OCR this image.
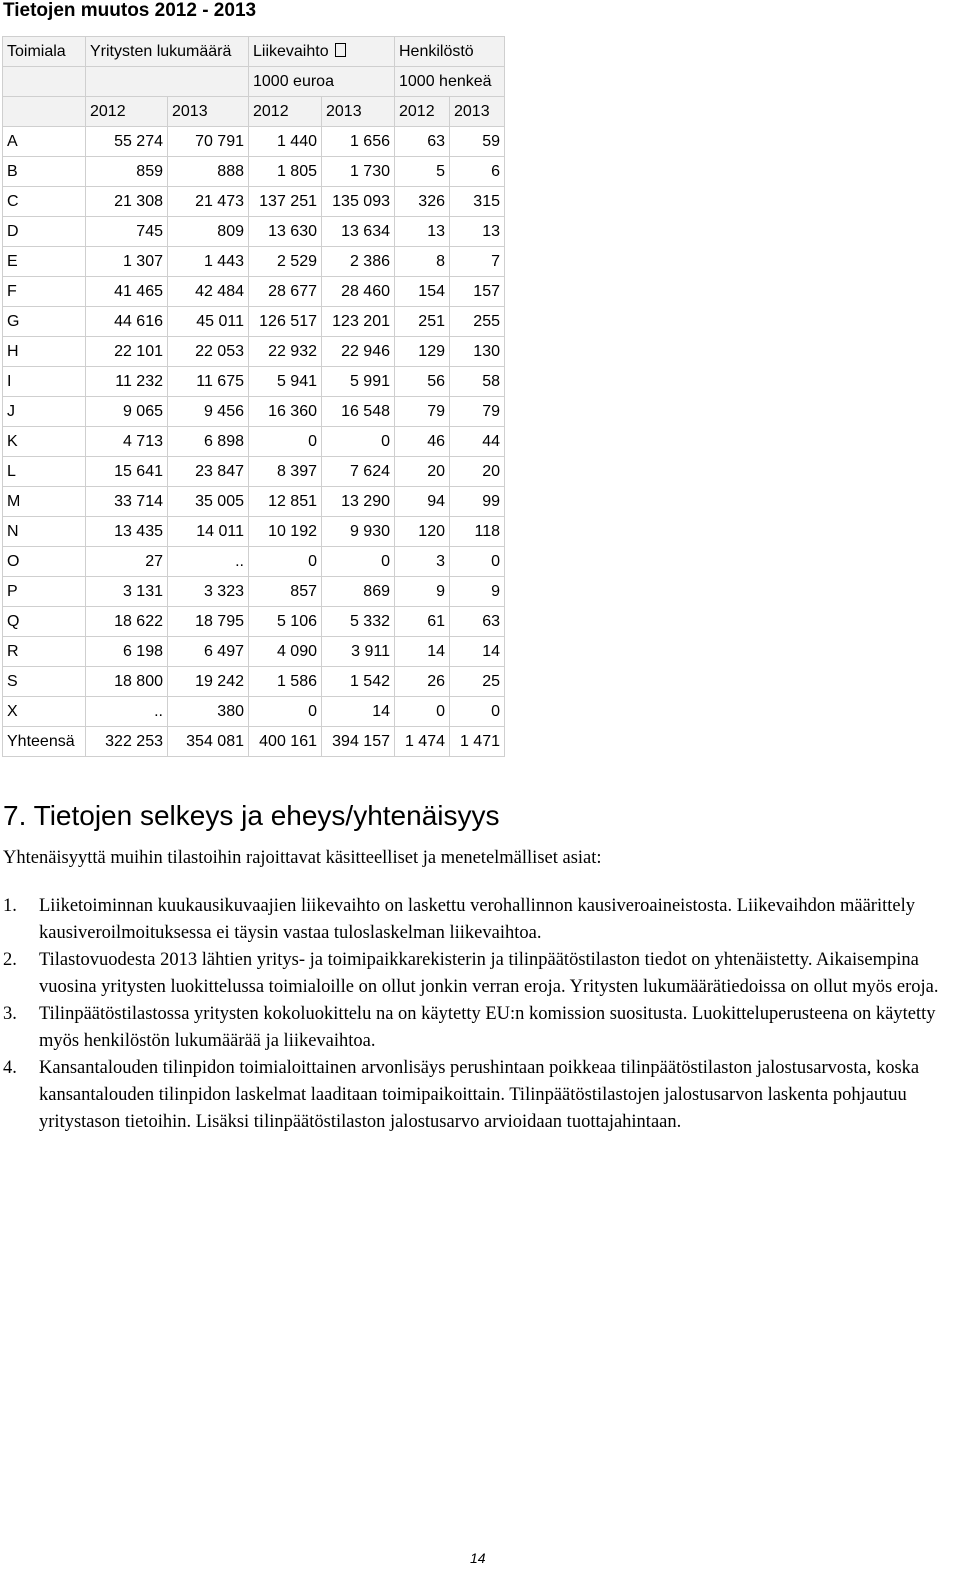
Tietojen muutos 2012 - 2013
Toimiala	Yritysten lukumäärä		Liikevaihto		Henkilöstö	
			1000 euroa		1000 henkeä	
	2012	2013	2012	2013	2012	2013
A	55 274	70 791	1 440	1 656	63	59
B	859	888	1 805	1 730	5	6
C	21 308	21 473	137 251	135 093	326	315
D	745	809	13 630	13 634	13	13
E	1 307	1 443	2 529	2 386	8	7
F	41 465	42 484	28 677	28 460	154	157
G	44 616	45 011	126 517	123 201	251	255
H	22 101	22 053	22 932	22 946	129	130
I	11 232	11 675	5 941	5 991	56	58
J	9 065	9 456	16 360	16 548	79	79
K	4 713	6 898	0	0	46	44
L	15 641	23 847	8 397	7 624	20	20
M	33 714	35 005	12 851	13 290	94	99
N	13 435	14 011	10 192	9 930	120	118
O	27	..	0	0	3	0
P	3 131	3 323	857	869	9	9
Q	18 622	18 795	5 106	5 332	61	63
R	6 198	6 497	4 090	3 911	14	14
S	18 800	19 242	1 586	1 542	26	25
X	..	380	0	14	0	0
Yhteensä	322 253	354 081	400 161	394 157	1 474	1 471
7. Tietojen selkeys ja eheys/yhtenäisyys
Yhtenäisyyttä muihin tilastoihin rajoittavat käsitteelliset ja menetelmälliset asiat:
1. Liiketoiminnan kuukausikuvaajien liikevaihto on laskettu verohallinnon kausiveroaineistosta. Liikevaihdon määrittely kausiveroilmoituksessa ei täysin vastaa tuloslaskelman liikevaihtoa.
2. Tilastovuodesta 2013 lähtien yritys- ja toimipaikkarekisterin ja tilinpäätöstilaston tiedot on yhtenäistetty. Aikaisempina vuosina yritysten luokittelussa toimialoille on ollut jonkin verran eroja. Yritysten lukumäärätiedoissa on ollut myös eroja.
3. Tilinpäätöstilastossa yritysten kokoluokittelu na on käytetty EU:n komission suositusta. Luokitteluperusteena on käytetty myös henkilöstön lukumäärää ja liikevaihtoa.
4. Kansantalouden tilinpidon toimialoittainen arvonlisäys perushintaan poikkeaa tilinpäätöstilaston jalostusarvosta, koska kansantalouden tilinpidon laskelmat laaditaan toimipaikoittain. Tilinpäätöstilastojen jalostusarvon laskenta pohjautuu yritystason tietoihin. Lisäksi tilinpäätöstilaston jalostusarvo arvioidaan tuottajahintaan.
14
